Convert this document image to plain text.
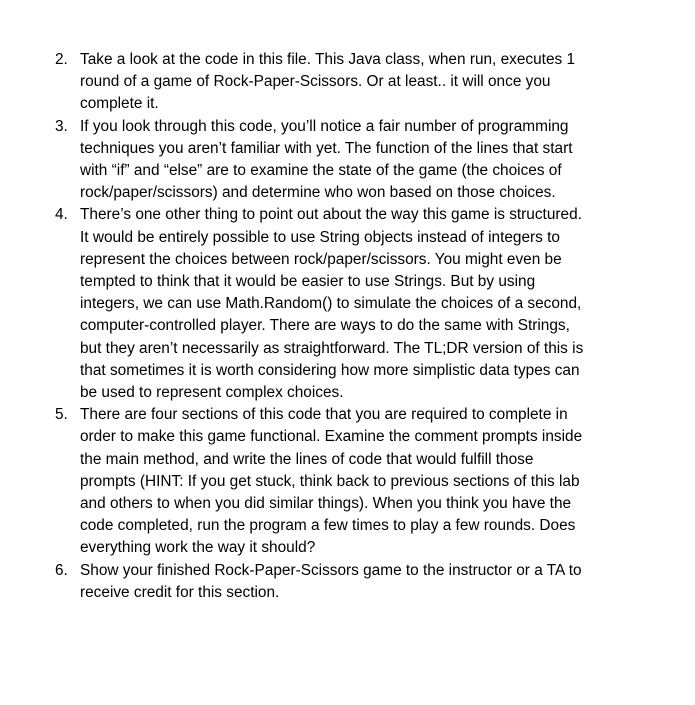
2. Take a look at the code in this file. This Java class, when run, executes 1
round of a game of Rock-Paper-Scissors. Or at least.. it will once you
complete it.
3. If you look through this code, you’ll notice a fair number of programming
techniques you aren’t familiar with yet. The function of the lines that start
with “if” and “else” are to examine the state of the game (the choices of
rock/paper/scissors) and determine who won based on those choices.
4. There’s one other thing to point out about the way this game is structured.
It would be entirely possible to use String objects instead of integers to
represent the choices between rock/paper/scissors. You might even be
tempted to think that it would be easier to use Strings. But by using
integers, we can use Math.Random() to simulate the choices of a second,
computer-controlled player. There are ways to do the same with Strings,
but they aren’t necessarily as straightforward. The TL;DR version of this is
that sometimes it is worth considering how more simplistic data types can
be used to represent complex choices.
5. There are four sections of this code that you are required to complete in
order to make this game functional. Examine the comment prompts inside
the main method, and write the lines of code that would fulfill those
prompts (HINT: If you get stuck, think back to previous sections of this lab
and others to when you did similar things). When you think you have the
code completed, run the program a few times to play a few rounds. Does
everything work the way it should?
6. Show your finished Rock-Paper-Scissors game to the instructor or a TA to
receive credit for this section.
